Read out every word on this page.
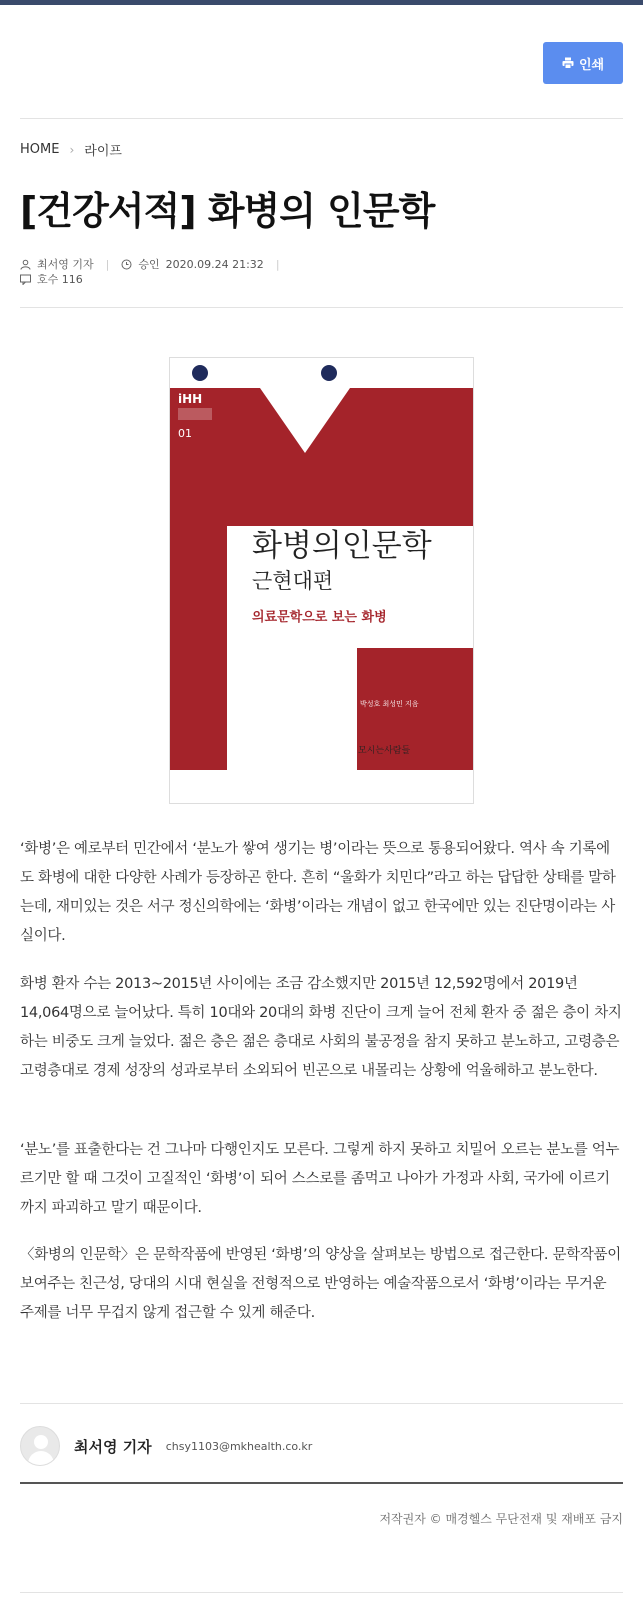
인쇄
HOME › 라이프
[건강서적] 화병의 인문학
최서영 기자 |	승인 2020.09.24 21:32 |
호수 116
iHH
01
화병의인문학
근현대편
의료문학으로 보는 화병
박성호 최성민 지음
모시는사람들
‘화병’은 예로부터 민간에서 ‘분노가 쌓여 생기는 병’이라는 뜻으로 통용되어왔다. 역사 속 기록에도 화병에 대한 다양한 사례가 등장하곤 한다. 흔히 “울화가 치민다”라고 하는 답답한 상태를 말하는데, 재미있는 것은 서구 정신의학에는 ‘화병’이라는 개념이 없고 한국에만 있는 진단명이라는 사실이다.
화병 환자 수는 2013~2015년 사이에는 조금 감소했지만 2015년 12,592명에서 2019년 14,064명으로 늘어났다. 특히 10대와 20대의 화병 진단이 크게 늘어 전체 환자 중 젊은 층이 차지하는 비중도 크게 늘었다. 젊은 층은 젊은 층대로 사회의 불공정을 참지 못하고 분노하고, 고령층은 고령층대로 경제 성장의 성과로부터 소외되어 빈곤으로 내몰리는 상황에 억울해하고 분노한다.
‘분노’를 표출한다는 건 그나마 다행인지도 모른다. 그렇게 하지 못하고 치밀어 오르는 분노를 억누르기만 할 때 그것이 고질적인 ‘화병’이 되어 스스로를 좀먹고 나아가 가정과 사회, 국가에 이르기까지 파괴하고 말기 때문이다.
〈화병의 인문학〉은 문학작품에 반영된 ‘화병’의 양상을 살펴보는 방법으로 접근한다. 문학작품이 보여주는 친근성, 당대의 시대 현실을 전형적으로 반영하는 예술작품으로서 ‘화병’이라는 무거운 주제를 너무 무겁지 않게 접근할 수 있게 해준다.
최서영 기자 chsy1103@mkhealth.co.kr
저작권자 © 매경헬스 무단전재 및 재배포 금지
